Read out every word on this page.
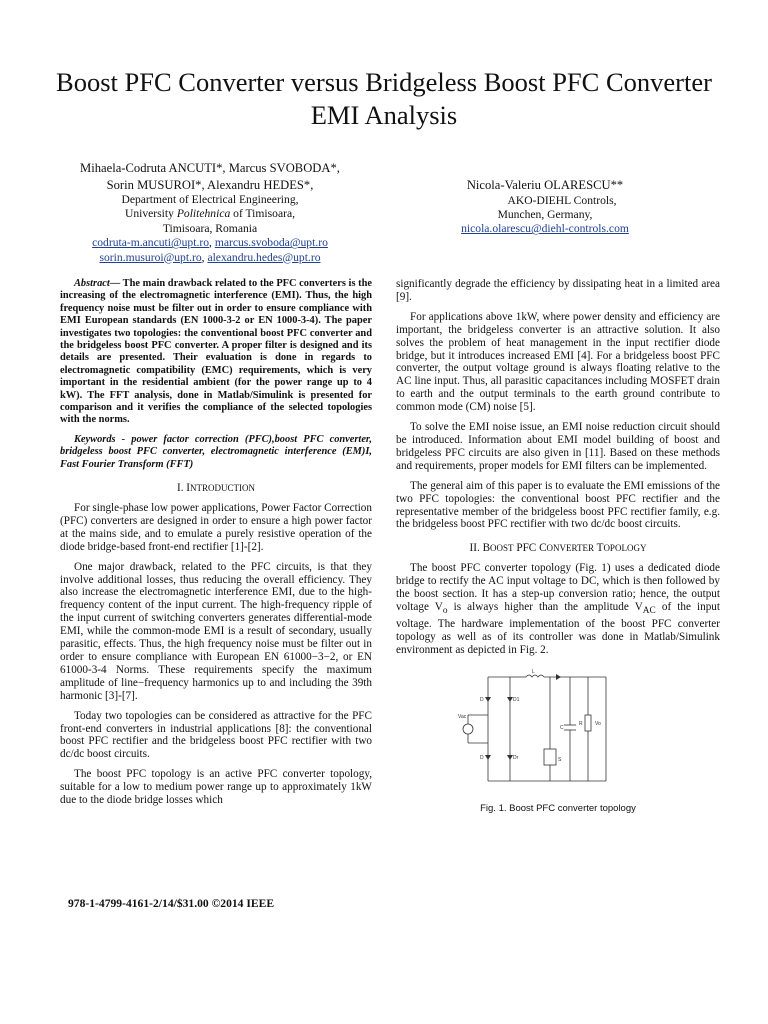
Boost PFC Converter versus Bridgeless Boost PFC Converter EMI Analysis
Mihaela-Codruta ANCUTI*, Marcus SVOBODA*,
Sorin MUSUROI*, Alexandru HEDES*,
Department of Electrical Engineering,
University Politehnica of Timisoara,
Timisoara, Romania
codruta-m.ancuti@upt.ro, marcus.svoboda@upt.ro
sorin.musuroi@upt.ro, alexandru.hedes@upt.ro
Nicola-Valeriu OLARESCU**
AKO-DIEHL Controls,
Munchen, Germany,
nicola.olarescu@diehl-controls.com

Abstract— The main drawback related to the PFC converters is the increasing of the electromagnetic interference (EMI). Thus, the high frequency noise must be filter out in order to ensure compliance with EMI European standards (EN 1000-3-2 or EN 1000-3-4). The paper investigates two topologies: the conventional boost PFC converter and the bridgeless boost PFC converter. A proper filter is designed and its details are presented. Their evaluation is done in regards to electromagnetic compatibility (EMC) requirements, which is very important in the residential ambient (for the power range up to 4 kW). The FFT analysis, done in Matlab/Simulink is presented for comparison and it verifies the compliance of the selected topologies with the norms.

Keywords - power factor correction (PFC),boost PFC converter, bridgeless boost PFC converter, electromagnetic interference (EM)I, Fast Fourier Transform (FFT)

I. INTRODUCTION

For single-phase low power applications, Power Factor Correction (PFC) converters are designed in order to ensure a high power factor at the mains side, and to emulate a purely resistive operation of the diode bridge-based front-end rectifier [1]-[2].

One major drawback, related to the PFC circuits, is that they involve additional losses, thus reducing the overall efficiency. They also increase the electromagnetic interference EMI, due to the high-frequency content of the input current. The high-frequency ripple of the input current of switching converters generates differential-mode EMI, while the common-mode EMI is a result of secondary, usually parasitic, effects. Thus, the high frequency noise must be filter out in order to ensure compliance with European EN 61000−3−2, or EN 61000-3-4 Norms. These requirements specify the maximum amplitude of line−frequency harmonics up to and including the 39th harmonic [3]-[7].

Today two topologies can be considered as attractive for the PFC front-end converters in industrial applications [8]: the conventional boost PFC rectifier and the bridgeless boost PFC rectifier with two dc/dc boost circuits.

The boost PFC topology is an active PFC converter topology, suitable for a low to medium power range up to approximately 1kW due to the diode bridge losses which

significantly degrade the efficiency by dissipating heat in a limited area [9].

For applications above 1kW, where power density and efficiency are important, the bridgeless converter is an attractive solution. It also solves the problem of heat management in the input rectifier diode bridge, but it introduces increased EMI [4]. For a bridgeless boost PFC converter, the output voltage ground is always floating relative to the AC line input. Thus, all parasitic capacitances including MOSFET drain to earth and the output terminals to the earth ground contribute to common mode (CM) noise [5].

To solve the EMI noise issue, an EMI noise reduction circuit should be introduced. Information about EMI model building of boost and bridgeless PFC circuits are also given in [11]. Based on these methods and requirements, proper models for EMI filters can be implemented.

The general aim of this paper is to evaluate the EMI emissions of the two PFC topologies: the conventional boost PFC rectifier and the representative member of the bridgeless boost PFC rectifier family, e.g. the bridgeless boost PFC rectifier with two dc/dc boost circuits.

II. BOOST PFC CONVERTER TOPOLOGY

The boost PFC converter topology (Fig. 1) uses a dedicated diode bridge to rectify the AC input voltage to DC, which is then followed by the boost section. It has a step-up conversion ratio; hence, the output voltage $V_o$ is always higher than the amplitude $V_{AC}$ of the input voltage. The hardware implementation of the boost PFC converter topology as well as of its controller was done in Matlab/Simulink environment as depicted in Fig. 2.

Vac
L
D	D1
D	Dr
C
R Vo
S
Fig. 1. Boost PFC converter topology
978-1-4799-4161-2/14/$31.00 ©2014 IEEE
